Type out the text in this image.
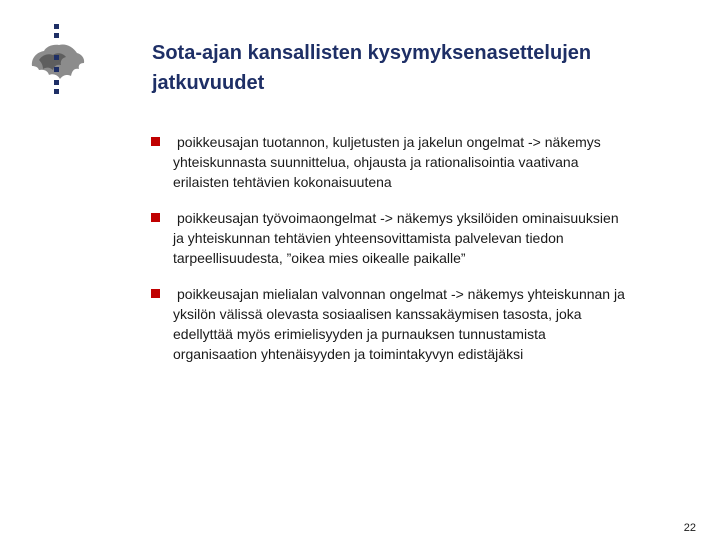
Sota-ajan kansallisten kysymyksenasettelujen
jatkuvuudet
poikkeusajan tuotannon, kuljetusten ja jakelun ongelmat -> näkemys
yhteiskunnasta suunnittelua, ohjausta ja rationalisointia vaativana
erilaisten tehtävien kokonaisuutena
poikkeusajan työvoimaongelmat -> näkemys yksilöiden ominaisuuksien
ja yhteiskunnan tehtävien yhteensovittamista palvelevan tiedon
tarpeellisuudesta, ”oikea mies oikealle paikalle”
poikkeusajan mielialan valvonnan ongelmat -> näkemys yhteiskunnan ja
yksilön välissä olevasta sosiaalisen kanssakäymisen tasosta, joka
edellyttää myös erimielisyyden ja purnauksen tunnustamista
organisaation yhtenäisyyden ja toimintakyvyn edistäjäksi
22
